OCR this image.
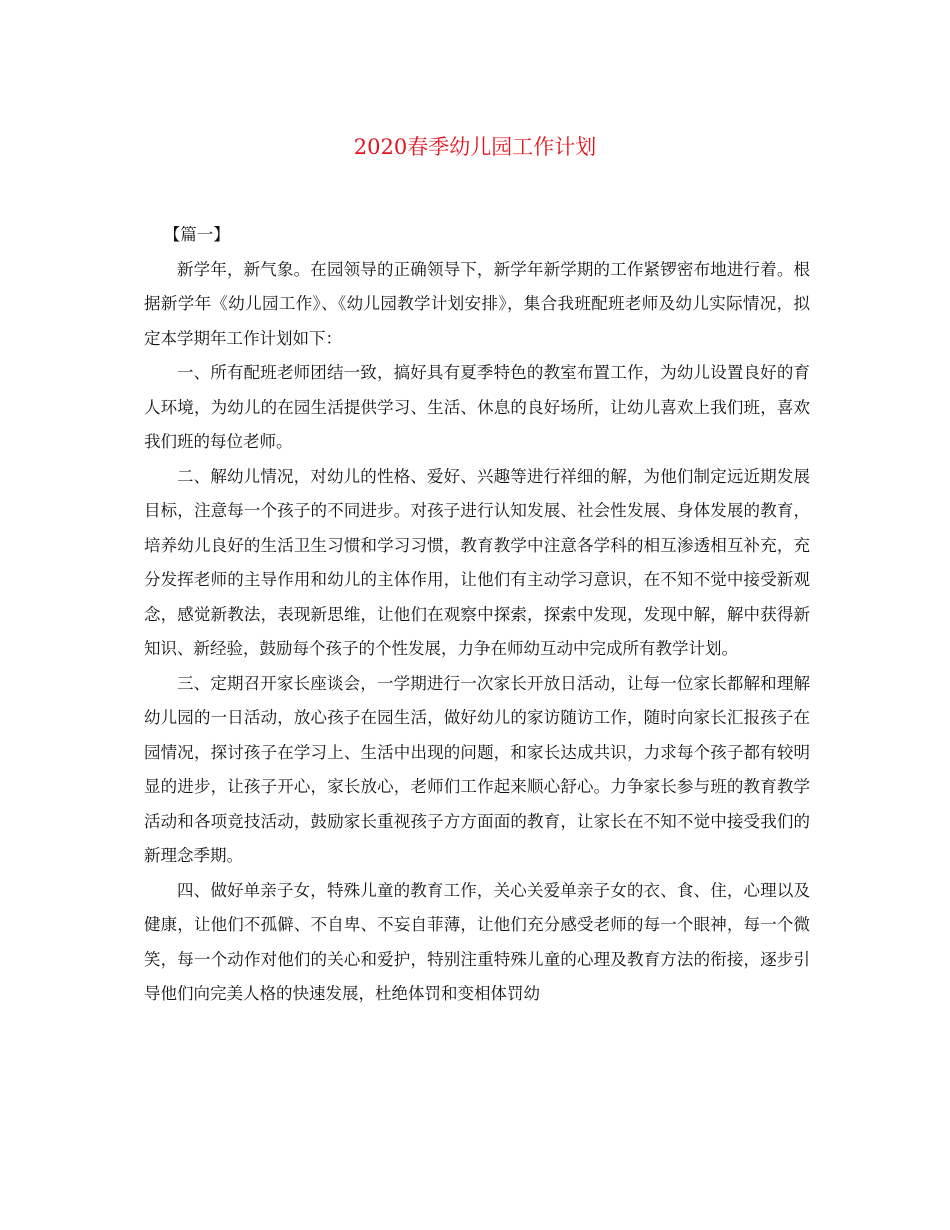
2020春季幼儿园工作计划

【篇一】

新学年，新气象。在园领导的正确领导下，新学年新学期的工作紧锣密布地进行着。根据新学年《幼儿园工作》、《幼儿园教学计划安排》，集合我班配班老师及幼儿实际情况，拟定本学期年工作计划如下：

一、所有配班老师团结一致，搞好具有夏季特色的教室布置工作，为幼儿设置良好的育人环境，为幼儿的在园生活提供学习、生活、休息的良好场所，让幼儿喜欢上我们班，喜欢我们班的每位老师。

二、解幼儿情况，对幼儿的性格、爱好、兴趣等进行祥细的解，为他们制定远近期发展目标，注意每一个孩子的不同进步。对孩子进行认知发展、社会性发展、身体发展的教育，培养幼儿良好的生活卫生习惯和学习习惯，教育教学中注意各学科的相互渗透相互补充，充分发挥老师的主导作用和幼儿的主体作用，让他们有主动学习意识，在不知不觉中接受新观念，感觉新教法，表现新思维，让他们在观察中探索，探索中发现，发现中解，解中获得新知识、新经验，鼓励每个孩子的个性发展，力争在师幼互动中完成所有教学计划。

三、定期召开家长座谈会，一学期进行一次家长开放日活动，让每一位家长都解和理解幼儿园的一日活动，放心孩子在园生活，做好幼儿的家访随访工作，随时向家长汇报孩子在园情况，探讨孩子在学习上、生活中出现的问题，和家长达成共识，力求每个孩子都有较明显的进步，让孩子开心，家长放心，老师们工作起来顺心舒心。力争家长参与班的教育教学活动和各项竞技活动，鼓励家长重视孩子方方面面的教育，让家长在不知不觉中接受我们的新理念季期。

四、做好单亲子女，特殊儿童的教育工作，关心关爱单亲子女的衣、食、住，心理以及健康，让他们不孤僻、不自卑、不妄自菲薄，让他们充分感受老师的每一个眼神，每一个微笑，每一个动作对他们的关心和爱护，特别注重特殊儿童的心理及教育方法的衔接，逐步引导他们向完美人格的快速发展，杜绝体罚和变相体罚幼
